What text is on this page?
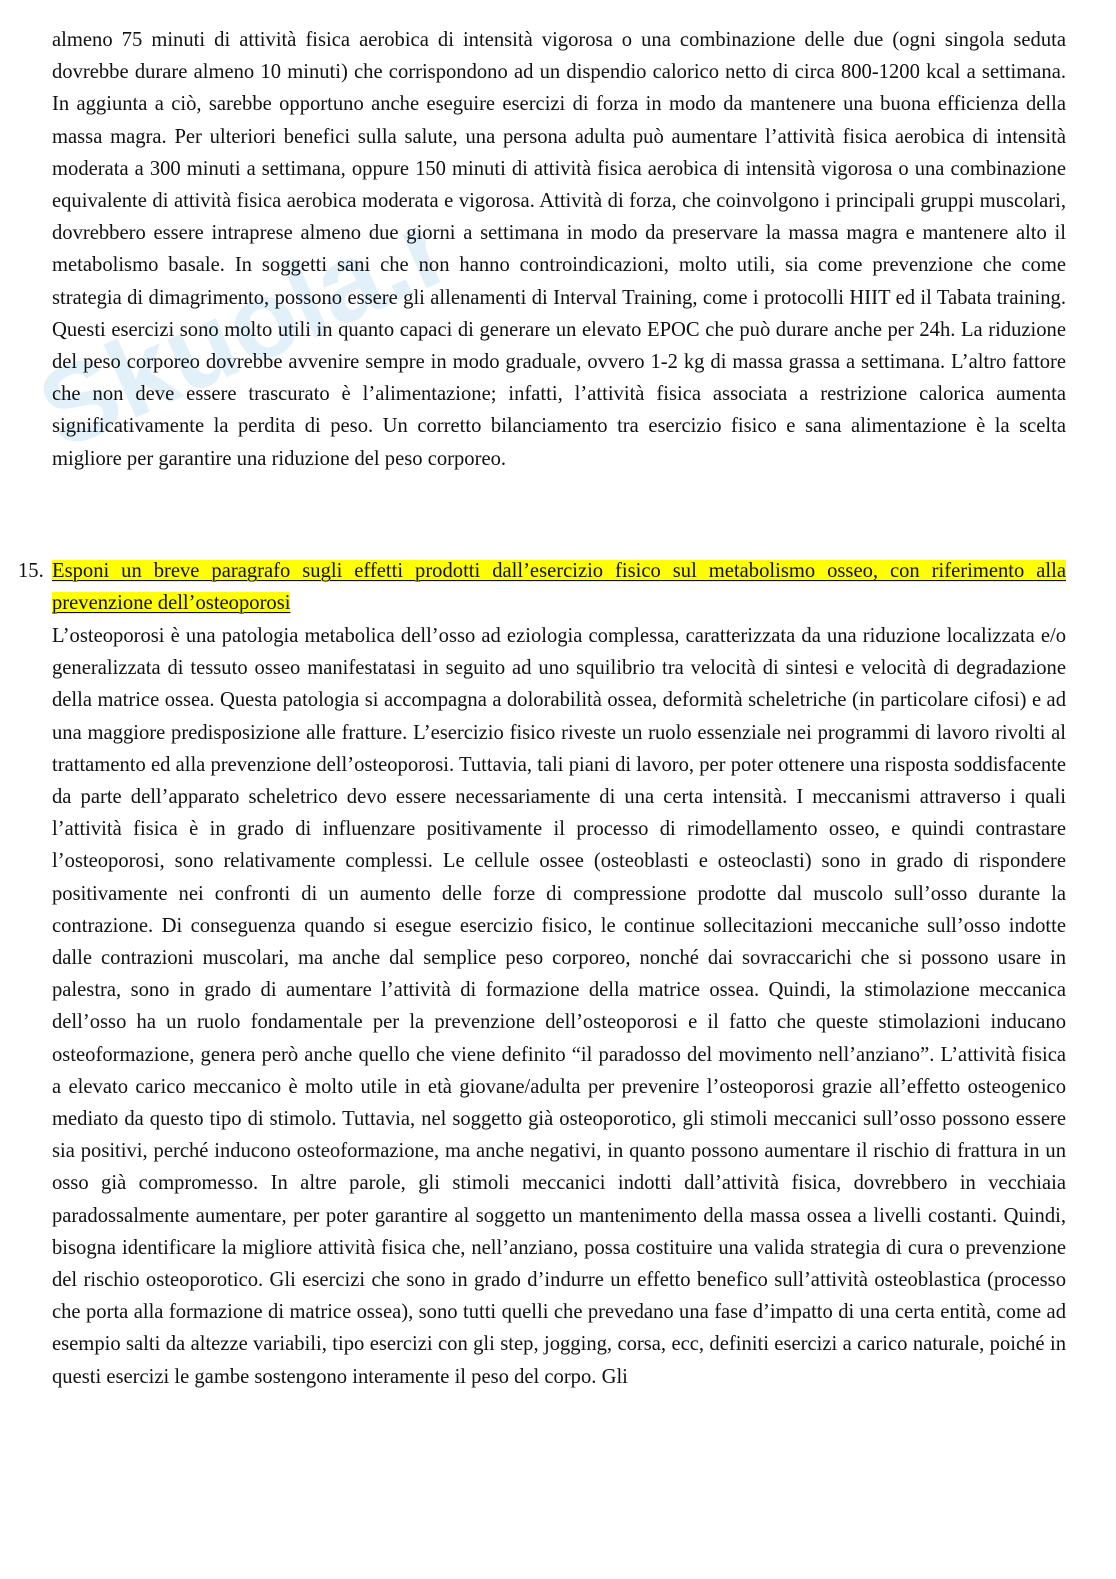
Skuola.net
almeno 75 minuti di attività fisica aerobica di intensità vigorosa o una combinazione delle due (ogni singola seduta dovrebbe durare almeno 10 minuti) che corrispondono ad un dispendio calorico netto di circa 800-1200 kcal a settimana. In aggiunta a ciò, sarebbe opportuno anche eseguire esercizi di forza in modo da mantenere una buona efficienza della massa magra. Per ulteriori benefici sulla salute, una persona adulta può aumentare l’attività fisica aerobica di intensità moderata a 300 minuti a settimana, oppure 150 minuti di attività fisica aerobica di intensità vigorosa o una combinazione equivalente di attività fisica aerobica moderata e vigorosa. Attività di forza, che coinvolgono i principali gruppi muscolari, dovrebbero essere intraprese almeno due giorni a settimana in modo da preservare la massa magra e mantenere alto il metabolismo basale. In soggetti sani che non hanno controindicazioni, molto utili, sia come prevenzione che come strategia di dimagrimento, possono essere gli allenamenti di Interval Training, come i protocolli HIIT ed il Tabata training. Questi esercizi sono molto utili in quanto capaci di generare un elevato EPOC che può durare anche per 24h. La riduzione del peso corporeo dovrebbe avvenire sempre in modo graduale, ovvero 1-2 kg di massa grassa a settimana. L’altro fattore che non deve essere trascurato è l’alimentazione; infatti, l’attività fisica associata a restrizione calorica aumenta significativamente la perdita di peso. Un corretto bilanciamento tra esercizio fisico e sana alimentazione è la scelta migliore per garantire una riduzione del peso corporeo.
15. Esponi un breve paragrafo sugli effetti prodotti dall’esercizio fisico sul metabolismo osseo, con riferimento alla prevenzione dell’osteoporosi
L’osteoporosi è una patologia metabolica dell’osso ad eziologia complessa, caratterizzata da una riduzione localizzata e/o generalizzata di tessuto osseo manifestatasi in seguito ad uno squilibrio tra velocità di sintesi e velocità di degradazione della matrice ossea. Questa patologia si accompagna a dolorabilità ossea, deformità scheletriche (in particolare cifosi) e ad una maggiore predisposizione alle fratture. L’esercizio fisico riveste un ruolo essenziale nei programmi di lavoro rivolti al trattamento ed alla prevenzione dell’osteoporosi. Tuttavia, tali piani di lavoro, per poter ottenere una risposta soddisfacente da parte dell’apparato scheletrico devo essere necessariamente di una certa intensità. I meccanismi attraverso i quali l’attività fisica è in grado di influenzare positivamente il processo di rimodellamento osseo, e quindi contrastare l’osteoporosi, sono relativamente complessi. Le cellule ossee (osteoblasti e osteoclasti) sono in grado di rispondere positivamente nei confronti di un aumento delle forze di compressione prodotte dal muscolo sull’osso durante la contrazione. Di conseguenza quando si esegue esercizio fisico, le continue sollecitazioni meccaniche sull’osso indotte dalle contrazioni muscolari, ma anche dal semplice peso corporeo, nonché dai sovraccarichi che si possono usare in palestra, sono in grado di aumentare l’attività di formazione della matrice ossea. Quindi, la stimolazione meccanica dell’osso ha un ruolo fondamentale per la prevenzione dell’osteoporosi e il fatto che queste stimolazioni inducano osteoformazione, genera però anche quello che viene definito “il paradosso del movimento nell’anziano”. L’attività fisica a elevato carico meccanico è molto utile in età giovane/adulta per prevenire l’osteoporosi grazie all’effetto osteogenico mediato da questo tipo di stimolo. Tuttavia, nel soggetto già osteoporotico, gli stimoli meccanici sull’osso possono essere sia positivi, perché inducono osteoformazione, ma anche negativi, in quanto possono aumentare il rischio di frattura in un osso già compromesso. In altre parole, gli stimoli meccanici indotti dall’attività fisica, dovrebbero in vecchiaia paradossalmente aumentare, per poter garantire al soggetto un mantenimento della massa ossea a livelli costanti. Quindi, bisogna identificare la migliore attività fisica che, nell’anziano, possa costituire una valida strategia di cura o prevenzione del rischio osteoporotico. Gli esercizi che sono in grado d’indurre un effetto benefico sull’attività osteoblastica (processo che porta alla formazione di matrice ossea), sono tutti quelli che prevedano una fase d’impatto di una certa entità, come ad esempio salti da altezze variabili, tipo esercizi con gli step, jogging, corsa, ecc, definiti esercizi a carico naturale, poiché in questi esercizi le gambe sostengono interamente il peso del corpo. Gli
